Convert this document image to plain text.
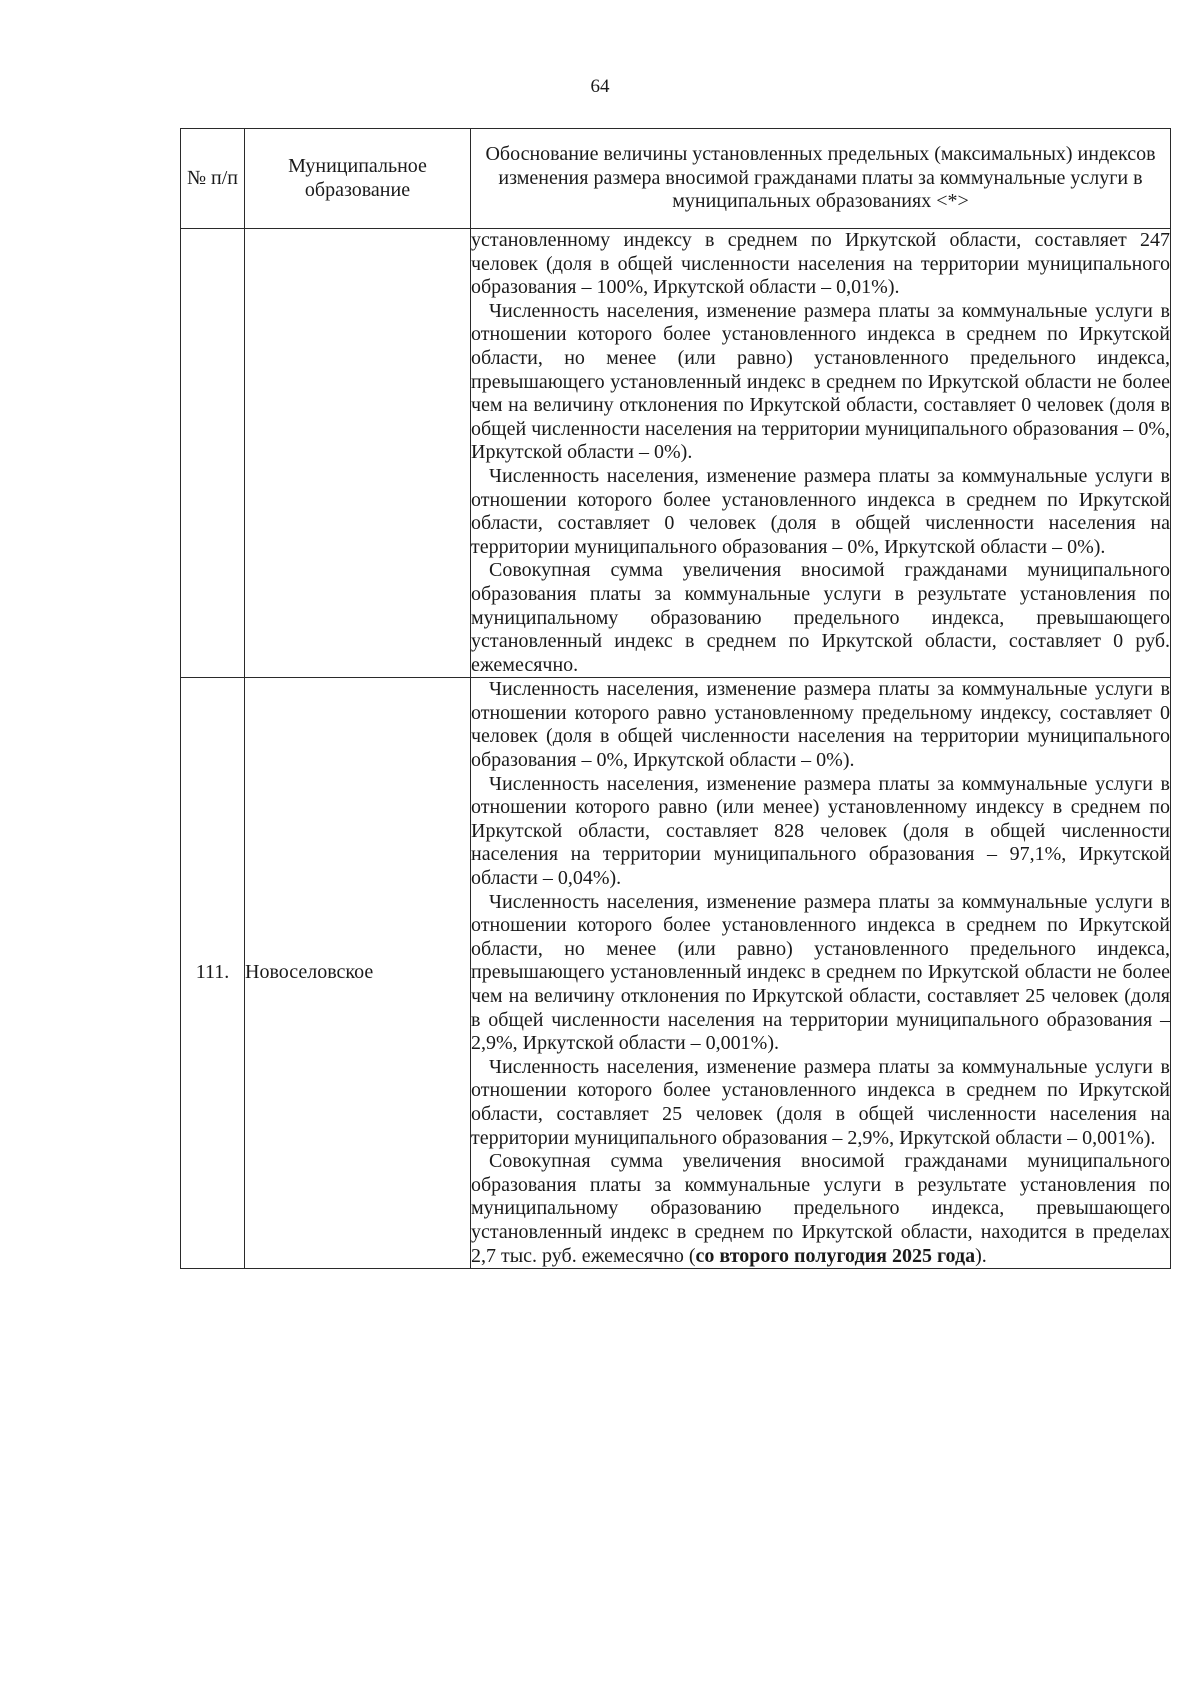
64
№ п/п	Муниципальное образование	Обоснование величины установленных предельных (максимальных) индексов изменения размера вносимой гражданами платы за коммунальные услуги в муниципальных образованиях <*>

		установленному индексу в среднем по Иркутской области, составляет 247 человек (доля в общей численности населения на территории муниципального образования – 100%, Иркутской области – 0,01%).

Численность населения, изменение размера платы за коммунальные услуги в отношении которого более установленного индекса в среднем по Иркутской области, но менее (или равно) установленного предельного индекса, превышающего установленный индекс в среднем по Иркутской области не более чем на величину отклонения по Иркутской области, составляет 0 человек (доля в общей численности населения на территории муниципального образования – 0%, Иркутской области – 0%).

Численность населения, изменение размера платы за коммунальные услуги в отношении которого более установленного индекса в среднем по Иркутской области, составляет 0 человек (доля в общей численности населения на территории муниципального образования – 0%, Иркутской области – 0%).

Совокупная сумма увеличения вносимой гражданами муниципального образования платы за коммунальные услуги в результате установления по муниципальному образованию предельного индекса, превышающего установленный индекс в среднем по Иркутской области, составляет 0 руб. ежемесячно.

111.	Новоселовское	Численность населения, изменение размера платы за коммунальные услуги в отношении которого равно установленному предельному индексу, составляет 0 человек (доля в общей численности населения на территории муниципального образования – 0%, Иркутской области – 0%).

Численность населения, изменение размера платы за коммунальные услуги в отношении которого равно (или менее) установленному индексу в среднем по Иркутской области, составляет 828 человек (доля в общей численности населения на территории муниципального образования – 97,1%, Иркутской области – 0,04%).

Численность населения, изменение размера платы за коммунальные услуги в отношении которого более установленного индекса в среднем по Иркутской области, но менее (или равно) установленного предельного индекса, превышающего установленный индекс в среднем по Иркутской области не более чем на величину отклонения по Иркутской области, составляет 25 человек (доля в общей численности населения на территории муниципального образования – 2,9%, Иркутской области – 0,001%).

Численность населения, изменение размера платы за коммунальные услуги в отношении которого более установленного индекса в среднем по Иркутской области, составляет 25 человек (доля в общей численности населения на территории муниципального образования – 2,9%, Иркутской области – 0,001%).

Совокупная сумма увеличения вносимой гражданами муниципального образования платы за коммунальные услуги в результате установления по муниципальному образованию предельного индекса, превышающего установленный индекс в среднем по Иркутской области, находится в пределах 2,7 тыс. руб. ежемесячно (со второго полугодия 2025 года).
